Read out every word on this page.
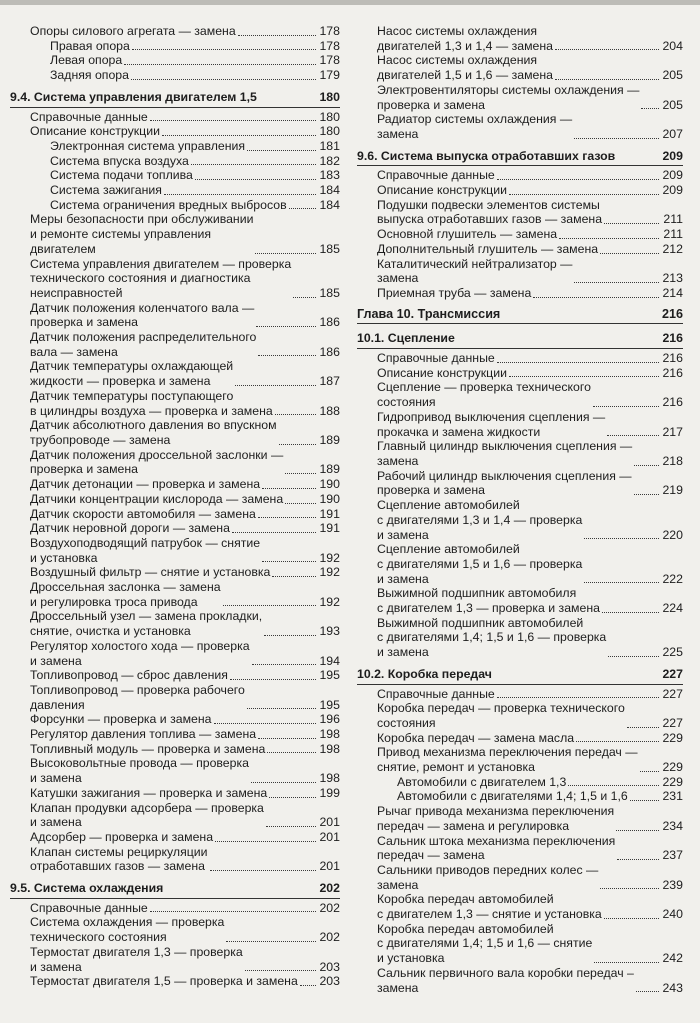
Опоры силового агрегата — замена	178
Правая опора	178
Левая опора	178
Задняя опора	179
9.4. Система управления двигателем 1,5	180
Справочные данные	180
Описание конструкции	180
Электронная система управления	181
Система впуска воздуха	182
Система подачи топлива	183
Система зажигания	184
Система ограничения вредных выбросов	184
Меры безопасности при обслуживании
и ремонте системы управления
двигателем	185
Система управления двигателем — проверка
технического состояния и диагностика
неисправностей	185
Датчик положения коленчатого вала —
проверка и замена	186
Датчик положения распределительного
вала — замена	186
Датчик температуры охлаждающей
жидкости — проверка и замена	187
Датчик температуры поступающего
в цилиндры воздуха — проверка и замена	188
Датчик абсолютного давления во впускном
трубопроводе — замена	189
Датчик положения дроссельной заслонки —
проверка и замена	189
Датчик детонации — проверка и замена	190
Датчики концентрации кислорода — замена	190
Датчик скорости автомобиля — замена	191
Датчик неровной дороги — замена	191
Воздухоподводящий патрубок — снятие
и установка	192
Воздушный фильтр — снятие и установка	192
Дроссельная заслонка — замена
и регулировка троса привода	192
Дроссельный узел — замена прокладки,
снятие, очистка и установка	193
Регулятор холостого хода — проверка
и замена	194
Топливопровод — сброс давления	195
Топливопровод — проверка рабочего
давления	195
Форсунки — проверка и замена	196
Регулятор давления топлива — замена	198
Топливный модуль — проверка и замена	198
Высоковольтные провода — проверка
и замена	198
Катушки зажигания — проверка и замена	199
Клапан продувки адсорбера — проверка
и замена	201
Адсорбер — проверка и замена	201
Клапан системы рециркуляции
отработавших газов — замена	201
9.5. Система охлаждения	202
Справочные данные	202
Система охлаждения — проверка
технического состояния	202
Термостат двигателя 1,3 — проверка
и замена	203
Термостат двигателя 1,5 — проверка и замена 203
Насос системы охлаждения
двигателей 1,3 и 1,4 — замена	204
Насос системы охлаждения
двигателей 1,5 и 1,6 — замена	205
Электровентиляторы системы охлаждения —
проверка и замена	205
Радиатор системы охлаждения —
замена	207
9.6. Система выпуска отработавших газов	209
Справочные данные	209
Описание конструкции	209
Подушки подвески элементов системы
выпуска отработавших газов — замена	211
Основной глушитель — замена	211
Дополнительный глушитель — замена	212
Каталитический нейтрализатор —
замена	213
Приемная труба — замена	214
Глава 10. Трансмиссия	216
10.1. Сцепление	216
Справочные данные	216
Описание конструкции	216
Сцепление — проверка технического
состояния	216
Гидропривод выключения сцепления —
прокачка и замена жидкости	217
Главный цилиндр выключения сцепления —
замена	218
Рабочий цилиндр выключения сцепления —
проверка и замена	219
Сцепление автомобилей
с двигателями 1,3 и 1,4 — проверка
и замена	220
Сцепление автомобилей
с двигателями 1,5 и 1,6 — проверка
и замена	222
Выжимной подшипник автомобиля
с двигателем 1,3 — проверка и замена	224
Выжимной подшипник автомобилей
с двигателями 1,4; 1,5 и 1,6 — проверка
и замена	225
10.2. Коробка передач	227
Справочные данные	227
Коробка передач — проверка технического
состояния	227
Коробка передач — замена масла	229
Привод механизма переключения передач —
снятие, ремонт и установка	229
Автомобили с двигателем 1,3	229
Автомобили с двигателями 1,4; 1,5 и 1,6	231
Рычаг привода механизма переключения
передач — замена и регулировка	234
Сальник штока механизма переключения
передач — замена	237
Сальники приводов передних колес —
замена	239
Коробка передач автомобилей
с двигателем 1,3 — снятие и установка	240
Коробка передач автомобилей
с двигателями 1,4; 1,5 и 1,6 — снятие
и установка	242
Сальник первичного вала коробки передач –
замена	243
